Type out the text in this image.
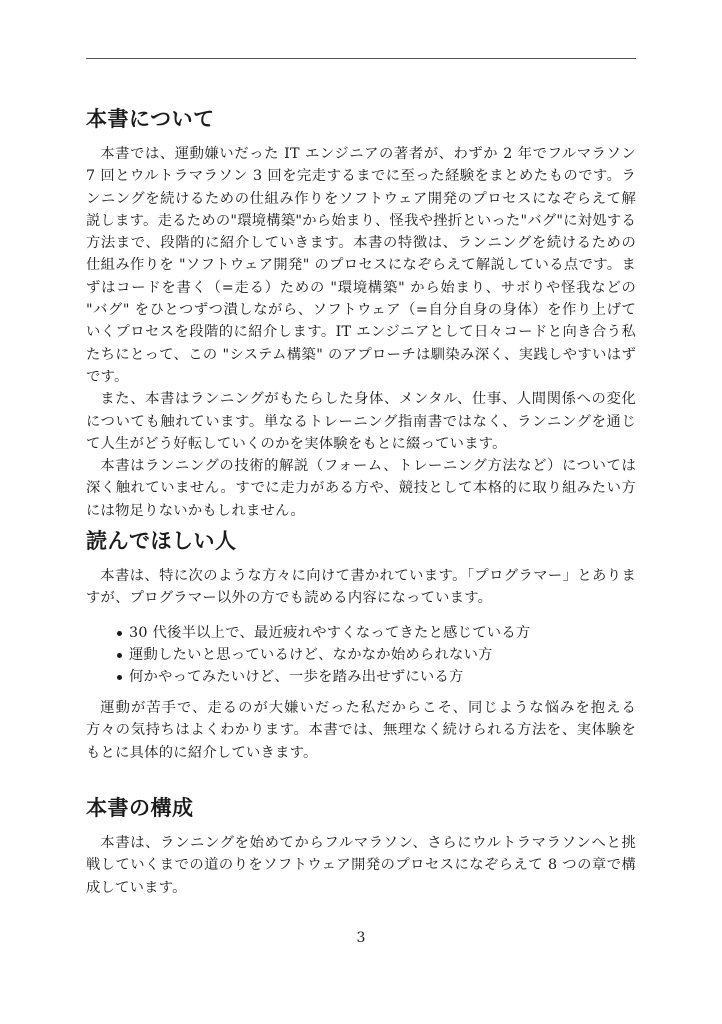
本書について

本書では、運動嫌いだった IT エンジニアの著者が、わずか 2 年でフルマラソン 7 回とウルトラマラソン 3 回を完走するまでに至った経験をまとめたものです。ランニングを続けるための仕組み作りをソフトウェア開発のプロセスになぞらえて解説します。走るための"環境構築"から始まり、怪我や挫折といった"バグ"に対処する方法まで、段階的に紹介していきます。本書の特徴は、ランニングを続けるための仕組み作りを "ソフトウェア開発" のプロセスになぞらえて解説している点です。まずはコードを書く（=走る）ための "環境構築" から始まり、サボりや怪我などの "バグ" をひとつずつ潰しながら、ソフトウェア（=自分自身の身体）を作り上げていくプロセスを段階的に紹介します。IT エンジニアとして日々コードと向き合う私たちにとって、この "システム構築" のアプローチは馴染み深く、実践しやすいはずです。

また、本書はランニングがもたらした身体、メンタル、仕事、人間関係への変化についても触れています。単なるトレーニング指南書ではなく、ランニングを通じて人生がどう好転していくのかを実体験をもとに綴っています。

本書はランニングの技術的解説（フォーム、トレーニング方法など）については深く触れていません。すでに走力がある方や、競技として本格的に取り組みたい方には物足りないかもしれません。

読んでほしい人

本書は、特に次のような方々に向けて書かれています。「プログラマー」とありますが、プログラマー以外の方でも読める内容になっています。

30 代後半以上で、最近疲れやすくなってきたと感じている方
運動したいと思っているけど、なかなか始められない方
何かやってみたいけど、一歩を踏み出せずにいる方

運動が苦手で、走るのが大嫌いだった私だからこそ、同じような悩みを抱える方々の気持ちはよくわかります。本書では、無理なく続けられる方法を、実体験をもとに具体的に紹介していきます。

本書の構成

本書は、ランニングを始めてからフルマラソン、さらにウルトラマラソンへと挑戦していくまでの道のりをソフトウェア開発のプロセスになぞらえて 8 つの章で構成しています。

3
